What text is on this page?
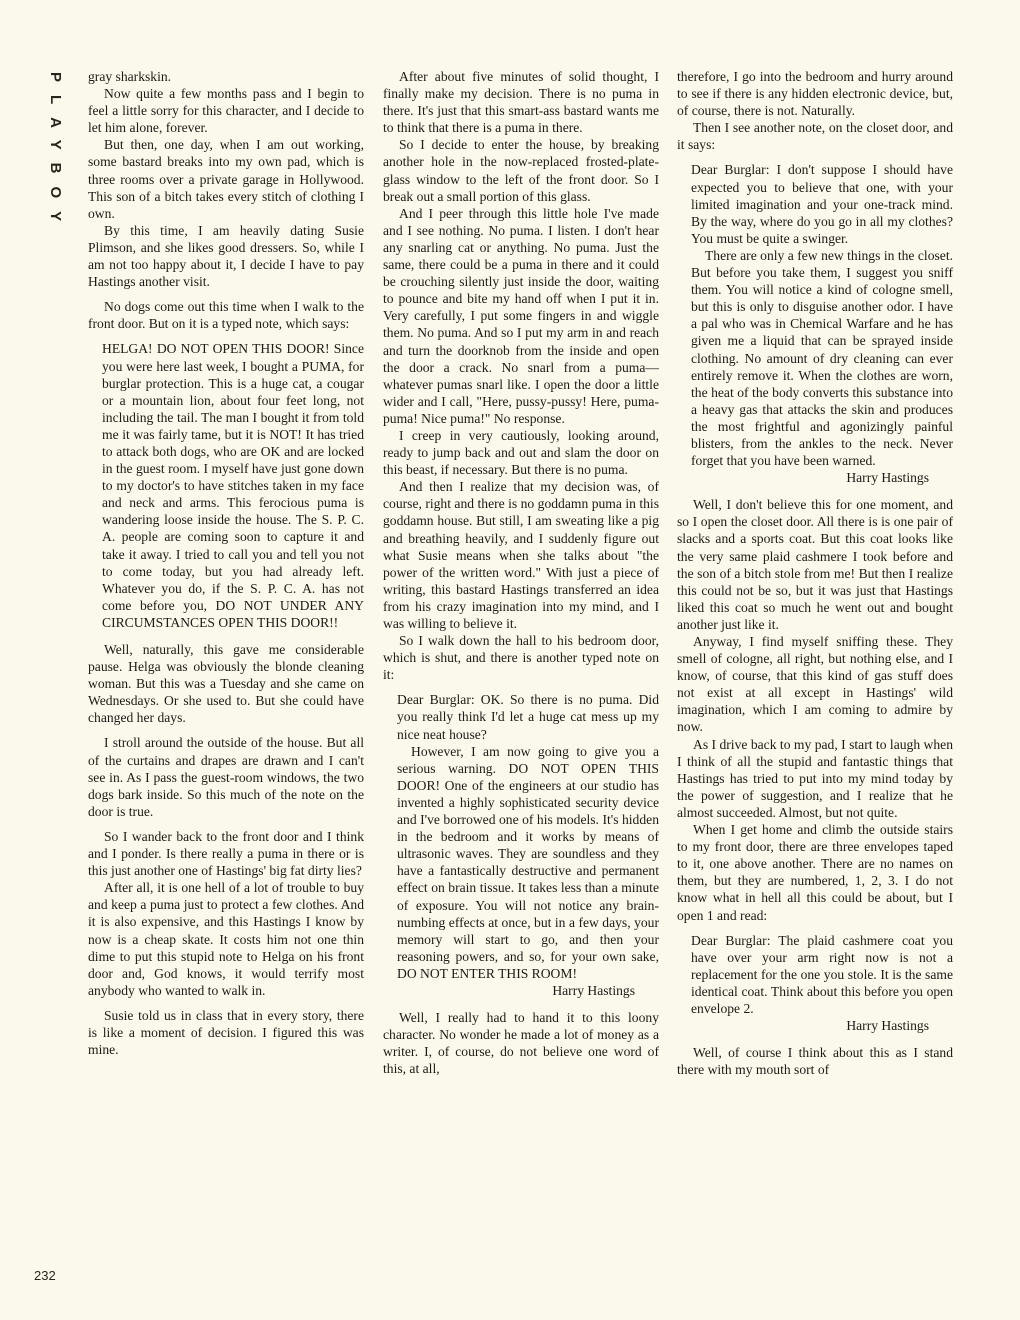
PLAYBOY gray sharkskin.

Now quite a few months pass and I begin to feel a little sorry for this character, and I decide to let him alone, forever.

But then, one day, when I am out working, some bastard breaks into my own pad, which is three rooms over a private garage in Hollywood. This son of a bitch takes every stitch of clothing I own.

By this time, I am heavily dating Susie Plimson, and she likes good dressers. So, while I am not too happy about it, I decide I have to pay Hastings another visit.

No dogs come out this time when I walk to the front door. But on it is a typed note, which says:

HELGA! DO NOT OPEN THIS DOOR! Since you were here last week, I bought a PUMA, for burglar protection. This is a huge cat, a cougar or a mountain lion, about four feet long, not including the tail. The man I bought it from told me it was fairly tame, but it is NOT! It has tried to attack both dogs, who are OK and are locked in the guest room. I myself have just gone down to my doctor's to have stitches taken in my face and neck and arms. This ferocious puma is wandering loose inside the house. The S. P. C. A. people are coming soon to capture it and take it away. I tried to call you and tell you not to come today, but you had already left. Whatever you do, if the S. P. C. A. has not come before you, DO NOT UNDER ANY CIRCUMSTANCES OPEN THIS DOOR!!

Well, naturally, this gave me considerable pause. Helga was obviously the blonde cleaning woman. But this was a Tuesday and she came on Wednesdays. Or she used to. But she could have changed her days.

I stroll around the outside of the house. But all of the curtains and drapes are drawn and I can't see in. As I pass the guest-room windows, the two dogs bark inside. So this much of the note on the door is true.

So I wander back to the front door and I think and I ponder. Is there really a puma in there or is this just another one of Hastings' big fat dirty lies?

After all, it is one hell of a lot of trouble to buy and keep a puma just to protect a few clothes. And it is also expensive, and this Hastings I know by now is a cheap skate. It costs him not one thin dime to put this stupid note to Helga on his front door and, God knows, it would terrify most anybody who wanted to walk in.

Susie told us in class that in every story, there is like a moment of decision. I figured this was mine.

After about five minutes of solid thought, I finally make my decision. There is no puma in there. It's just that this smart-ass bastard wants me to think that there is a puma in there.

So I decide to enter the house, by breaking another hole in the now-replaced frosted-plate-glass window to the left of the front door. So I break out a small portion of this glass.

And I peer through this little hole I've made and I see nothing. No puma. I listen. I don't hear any snarling cat or anything. No puma. Just the same, there could be a puma in there and it could be crouching silently just inside the door, waiting to pounce and bite my hand off when I put it in. Very carefully, I put some fingers in and wiggle them. No puma. And so I put my arm in and reach and turn the doorknob from the inside and open the door a crack. No snarl from a puma—whatever pumas snarl like. I open the door a little wider and I call, "Here, pussy-pussy! Here, puma-puma! Nice puma!" No response.

I creep in very cautiously, looking around, ready to jump back and out and slam the door on this beast, if necessary. But there is no puma.

And then I realize that my decision was, of course, right and there is no goddamn puma in this goddamn house. But still, I am sweating like a pig and breathing heavily, and I suddenly figure out what Susie means when she talks about "the power of the written word." With just a piece of writing, this bastard Hastings transferred an idea from his crazy imagination into my mind, and I was willing to believe it.

So I walk down the hall to his bedroom door, which is shut, and there is another typed note on it:

Dear Burglar: OK. So there is no puma. Did you really think I'd let a huge cat mess up my nice neat house?

However, I am now going to give you a serious warning. DO NOT OPEN THIS DOOR! One of the engineers at our studio has invented a highly sophisticated security device and I've borrowed one of his models. It's hidden in the bedroom and it works by means of ultrasonic waves. They are soundless and they have a fantastically destructive and permanent effect on brain tissue. It takes less than a minute of exposure. You will not notice any brain-numbing effects at once, but in a few days, your memory will start to go, and then your reasoning powers, and so, for your own sake, DO NOT ENTER THIS ROOM!

Harry Hastings

Well, I really had to hand it to this loony character. No wonder he made a lot of money as a writer. I, of course, do not believe one word of this, at all,

therefore, I go into the bedroom and hurry around to see if there is any hidden electronic device, but, of course, there is not. Naturally.

Then I see another note, on the closet door, and it says:

Dear Burglar: I don't suppose I should have expected you to believe that one, with your limited imagination and your one-track mind. By the way, where do you go in all my clothes? You must be quite a swinger.

There are only a few new things in the closet. But before you take them, I suggest you sniff them. You will notice a kind of cologne smell, but this is only to disguise another odor. I have a pal who was in Chemical Warfare and he has given me a liquid that can be sprayed inside clothing. No amount of dry cleaning can ever entirely remove it. When the clothes are worn, the heat of the body converts this substance into a heavy gas that attacks the skin and produces the most frightful and agonizingly painful blisters, from the ankles to the neck. Never forget that you have been warned.

Harry Hastings

Well, I don't believe this for one moment, and so I open the closet door. All there is is one pair of slacks and a sports coat. But this coat looks like the very same plaid cashmere I took before and the son of a bitch stole from me! But then I realize this could not be so, but it was just that Hastings liked this coat so much he went out and bought another just like it.

Anyway, I find myself sniffing these. They smell of cologne, all right, but nothing else, and I know, of course, that this kind of gas stuff does not exist at all except in Hastings' wild imagination, which I am coming to admire by now.

As I drive back to my pad, I start to laugh when I think of all the stupid and fantastic things that Hastings has tried to put into my mind today by the power of suggestion, and I realize that he almost succeeded. Almost, but not quite.

When I get home and climb the outside stairs to my front door, there are three envelopes taped to it, one above another. There are no names on them, but they are numbered, 1, 2, 3. I do not know what in hell all this could be about, but I open 1 and read:

Dear Burglar: The plaid cashmere coat you have over your arm right now is not a replacement for the one you stole. It is the same identical coat. Think about this before you open envelope 2.

Harry Hastings

Well, of course I think about this as I stand there with my mouth sort of

232
